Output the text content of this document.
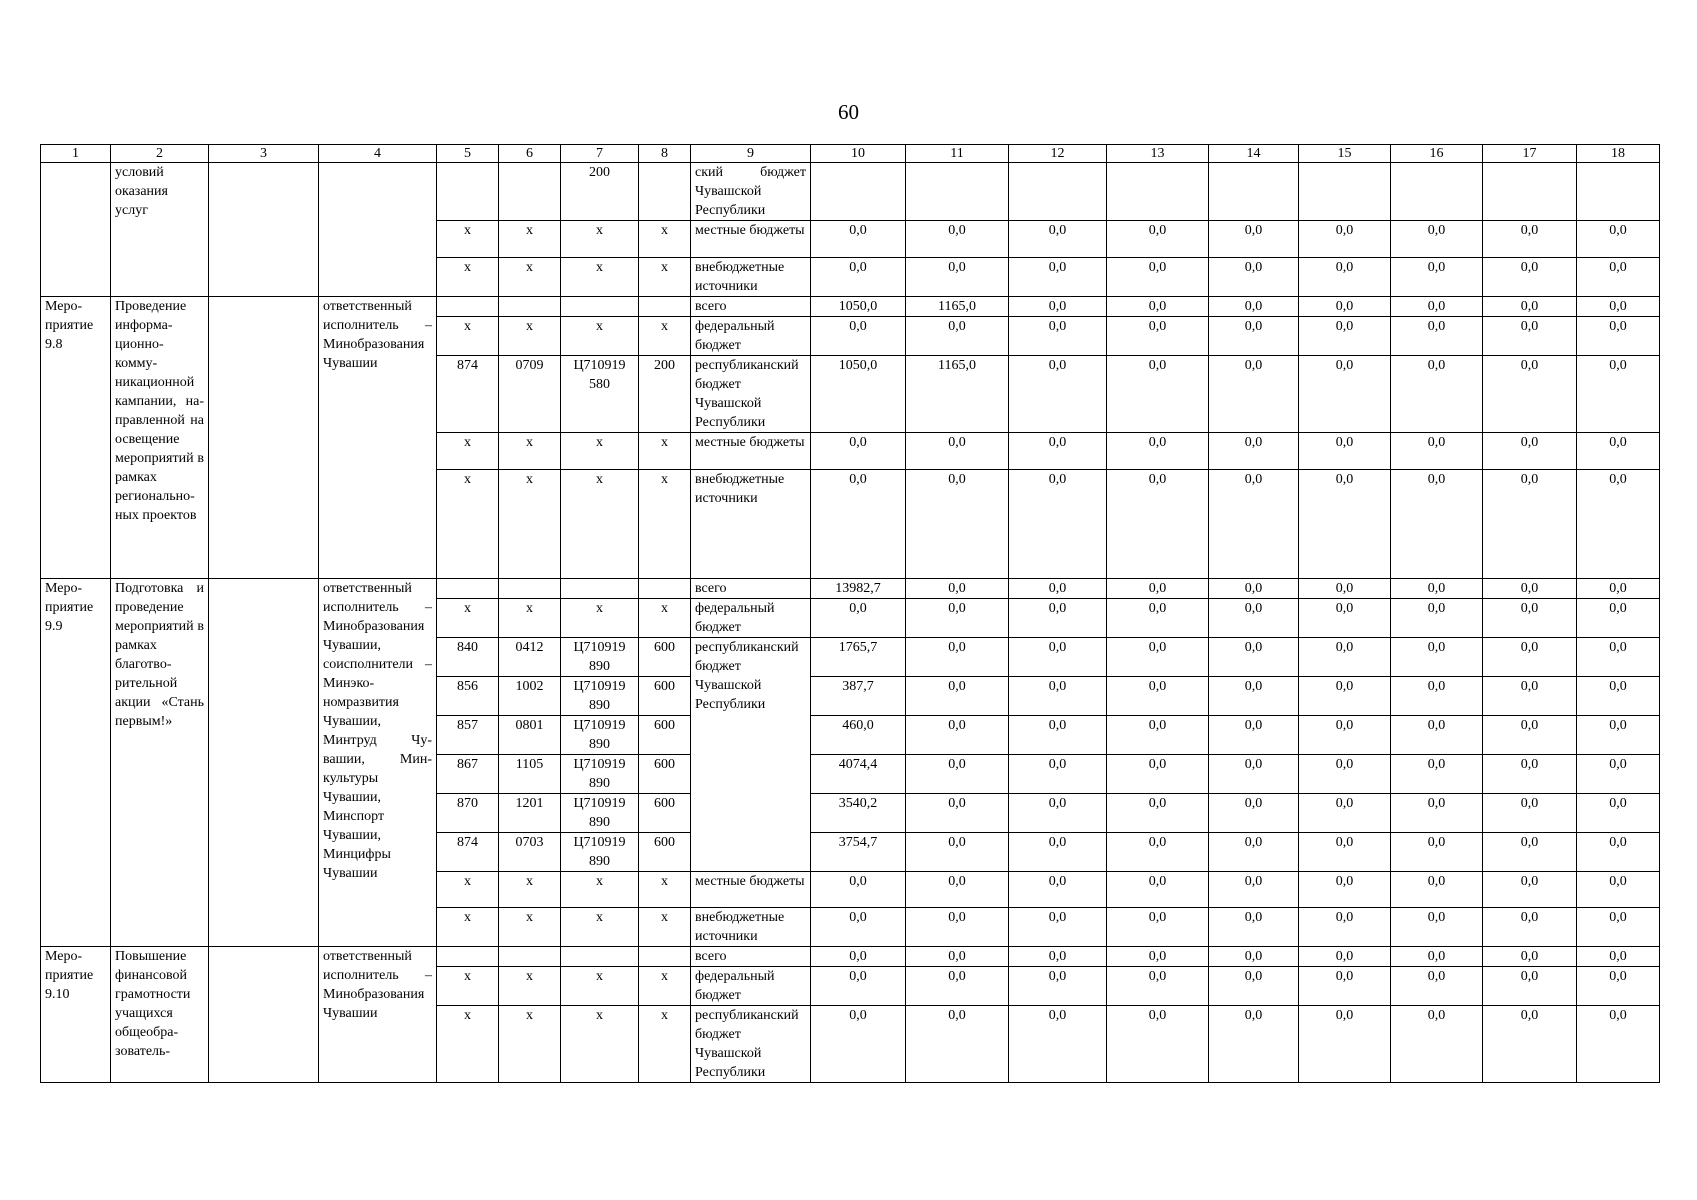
60
1	2	3	4	5	6	7	8	9	10	11	12	13	14	15	16	17	18
	условий оказания услуг					200		ский бюджет Чувашской Республики									
				x	x	x	x	местные бюджеты	0,0	0,0	0,0	0,0	0,0	0,0	0,0	0,0	0,0
				x	x	x	x	внебюджетные источники	0,0	0,0	0,0	0,0	0,0	0,0	0,0	0,0	0,0
Мероприятие 9.8	Проведение информационно-коммуникационной кампании, направленной на освещение мероприятий в рамках региональноных проектов		ответственный исполнитель – Минобразования Чувашии					всего	1050,0	1165,0	0,0	0,0	0,0	0,0	0,0	0,0	0,0
				x	x	x	x	федеральный бюджет	0,0	0,0	0,0	0,0	0,0	0,0	0,0	0,0	0,0
				874	0709	Ц710919 580	200	республиканский бюджет Чувашской Республики	1050,0	1165,0	0,0	0,0	0,0	0,0	0,0	0,0	0,0
				x	x	x	x	местные бюджеты	0,0	0,0	0,0	0,0	0,0	0,0	0,0	0,0	0,0
				x	x	x	x	внебюджетные источники	0,0	0,0	0,0	0,0	0,0	0,0	0,0	0,0	0,0
Мероприятие 9.9	Подготовка и проведение мероприятий в рамках благотворительной акции «Стань первым!»		ответственный исполнитель – Минобразования Чувашии, соисполнители – Минэкономразвития Чувашии, Минтруд Чувашии, Минкультуры Чувашии, Минспорт Чувашии, Минцифры Чувашии					всего	13982,7	0,0	0,0	0,0	0,0	0,0	0,0	0,0	0,0
				x	x	x	x	федеральный бюджет	0,0	0,0	0,0	0,0	0,0	0,0	0,0	0,0	0,0
				840	0412	Ц710919 890	600	республиканский бюджет Чувашской Республики	1765,7	0,0	0,0	0,0	0,0	0,0	0,0	0,0	0,0
				856	1002	Ц710919 890	600		387,7	0,0	0,0	0,0	0,0	0,0	0,0	0,0	0,0
				857	0801	Ц710919 890	600		460,0	0,0	0,0	0,0	0,0	0,0	0,0	0,0	0,0
				867	1105	Ц710919 890	600		4074,4	0,0	0,0	0,0	0,0	0,0	0,0	0,0	0,0
				870	1201	Ц710919 890	600		3540,2	0,0	0,0	0,0	0,0	0,0	0,0	0,0	0,0
				874	0703	Ц710919 890	600		3754,7	0,0	0,0	0,0	0,0	0,0	0,0	0,0	0,0
				x	x	x	x	местные бюджеты	0,0	0,0	0,0	0,0	0,0	0,0	0,0	0,0	0,0
				x	x	x	x	внебюджетные источники	0,0	0,0	0,0	0,0	0,0	0,0	0,0	0,0	0,0
Мероприятие 9.10	Повышение финансовой грамотности учащихся общеобразователь-		ответственный исполнитель – Минобразования Чувашии					всего	0,0	0,0	0,0	0,0	0,0	0,0	0,0	0,0	0,0
				x	x	x	x	федеральный бюджет	0,0	0,0	0,0	0,0	0,0	0,0	0,0	0,0	0,0
				x	x	x	x	республиканский бюджет Чувашской Республики	0,0	0,0	0,0	0,0	0,0	0,0	0,0	0,0	0,0
